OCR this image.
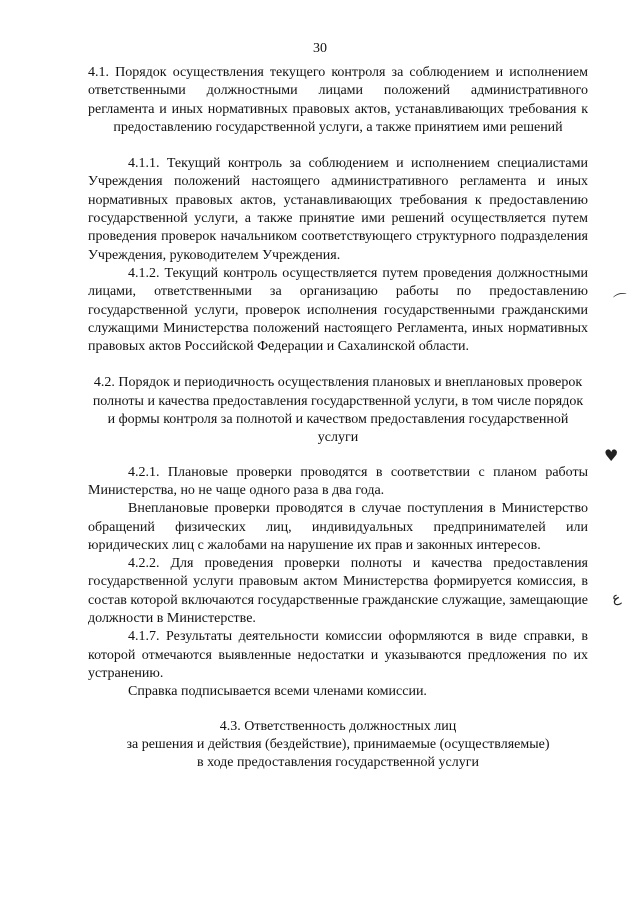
30

4.1. Порядок осуществления текущего контроля за соблюдением и исполнением ответственными должностными лицами положений административного регламента и иных нормативных правовых актов, устанавливающих требования к предоставлению государственной услуги, а также принятием ими решений

4.1.1. Текущий контроль за соблюдением и исполнением специалистами Учреждения положений настоящего административного регламента и иных нормативных правовых актов, устанавливающих требования к предоставлению государственной услуги, а также принятие ими решений осуществляется путем проведения проверок начальником соответствующего структурного подразделения Учреждения, руководителем Учреждения.

4.1.2. Текущий контроль осуществляется путем проведения должностными лицами, ответственными за организацию работы по предоставлению государственной услуги, проверок исполнения государственными гражданскими служащими Министерства положений настоящего Регламента, иных нормативных правовых актов Российской Федерации и Сахалинской области.

4.2. Порядок и периодичность осуществления плановых и внеплановых проверок полноты и качества предоставления государственной услуги, в том числе порядок и формы контроля за полнотой и качеством предоставления государственной услуги

4.2.1. Плановые проверки проводятся в соответствии с планом работы Министерства, но не чаще одного раза в два года.

Внеплановые проверки проводятся в случае поступления в Министерство обращений физических лиц, индивидуальных предпринимателей или юридических лиц с жалобами на нарушение их прав и законных интересов.

4.2.2. Для проведения проверки полноты и качества предоставления государственной услуги правовым актом Министерства формируется комиссия, в состав которой включаются государственные гражданские служащие, замещающие должности в Министерстве.

4.1.7. Результаты деятельности комиссии оформляются в виде справки, в которой отмечаются выявленные недостатки и указываются предложения по их устранению.

Справка подписывается всеми членами комиссии.

4.3. Ответственность должностных лиц

за решения и действия (бездействие), принимаемые (осуществляемые)

в ходе предоставления государственной услуги

⌒
♥
ﻉ
